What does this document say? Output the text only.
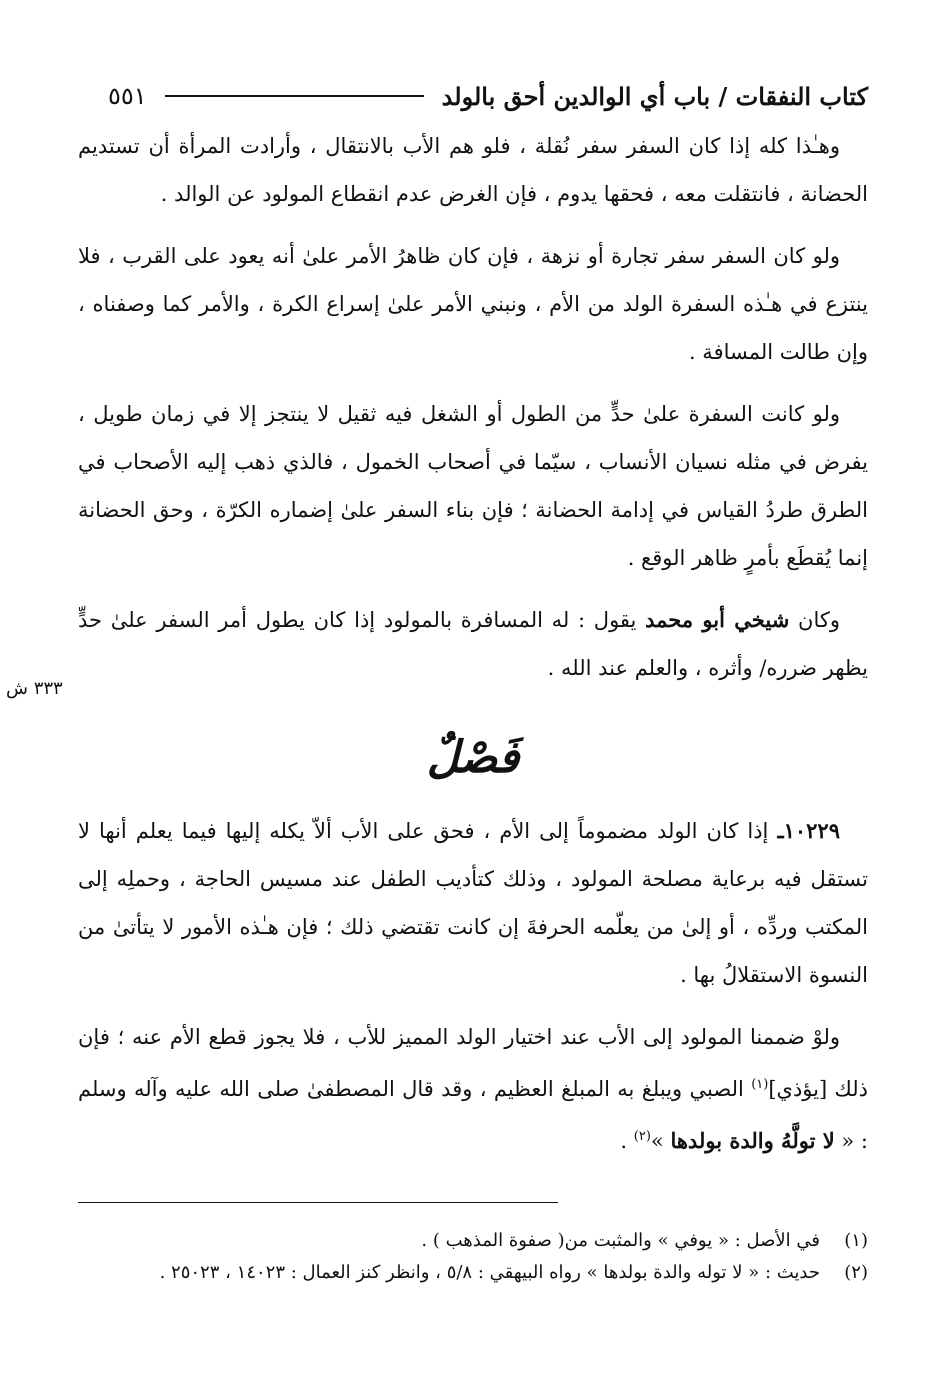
كتاب النفقات / باب أي الوالدين أحق بالولد
٥٥١

وهـٰذا كله إذا كان السفر سفر نُقلة ، فلو هم الأب بالانتقال ، وأرادت المرأة أن تستديم الحضانة ، فانتقلت معه ، فحقها يدوم ، فإن الغرض عدم انقطاع المولود عن الوالد .

ولو كان السفر سفر تجارة أو نزهة ، فإن كان ظاهرُ الأمر علىٰ أنه يعود على القرب ، فلا ينتزع في هـٰذه السفرة الولد من الأم ، ونبني الأمر علىٰ إسراع الكرة ، والأمر كما وصفناه ، وإن طالت المسافة .

ولو كانت السفرة علىٰ حدٍّ من الطول أو الشغل فيه ثقيل لا ينتجز إلا في زمان طويل ، يفرض في مثله نسيان الأنساب ، سيّما في أصحاب الخمول ، فالذي ذهب إليه الأصحاب في الطرق طردُ القياس في إدامة الحضانة ؛ فإن بناء السفر علىٰ إضماره الكرّة ، وحق الحضانة إنما يُقطَع بأمرٍ ظاهر الوقع .

وكان شيخي أبو محمد يقول : له المسافرة بالمولود إذا كان يطول أمر السفر علىٰ حدٍّ يظهر ضرره/ وأثره ، والعلم عند الله .

فَصْلٌ

١٠٢٢٩ـ إذا كان الولد مضموماً إلى الأم ، فحق على الأب ألاّ يكله إليها فيما يعلم أنها لا تستقل فيه برعاية مصلحة المولود ، وذلك كتأديب الطفل عند مسيس الحاجة ، وحملِه إلى المكتب وردِّه ، أو إلىٰ من يعلّمه الحرفةَ إن كانت تقتضي ذلك ؛ فإن هـٰذه الأمور لا يتأتىٰ من النسوة الاستقلالُ بها .

ولوْ ضممنا المولود إلى الأب عند اختيار الولد المميز للأب ، فلا يجوز قطع الأم عنه ؛ فإن ذلك [يؤذي]$^{(١)}$ الصبي ويبلغ به المبلغ العظيم ، وقد قال المصطفىٰ صلى الله عليه وآله وسلم : « لا تولَّهُ والدة بولدها »$^{(٢)}$ .

٣٣٣ ش
(١)
في الأصل : « يوفي » والمثبت من( صفوة المذهب ) .
(٢)
حديث : « لا توله والدة بولدها » رواه البيهقي : ٥/٨ ، وانظر كنز العمال : ١٤٠٢٣ ، ٢٥٠٢٣ .
